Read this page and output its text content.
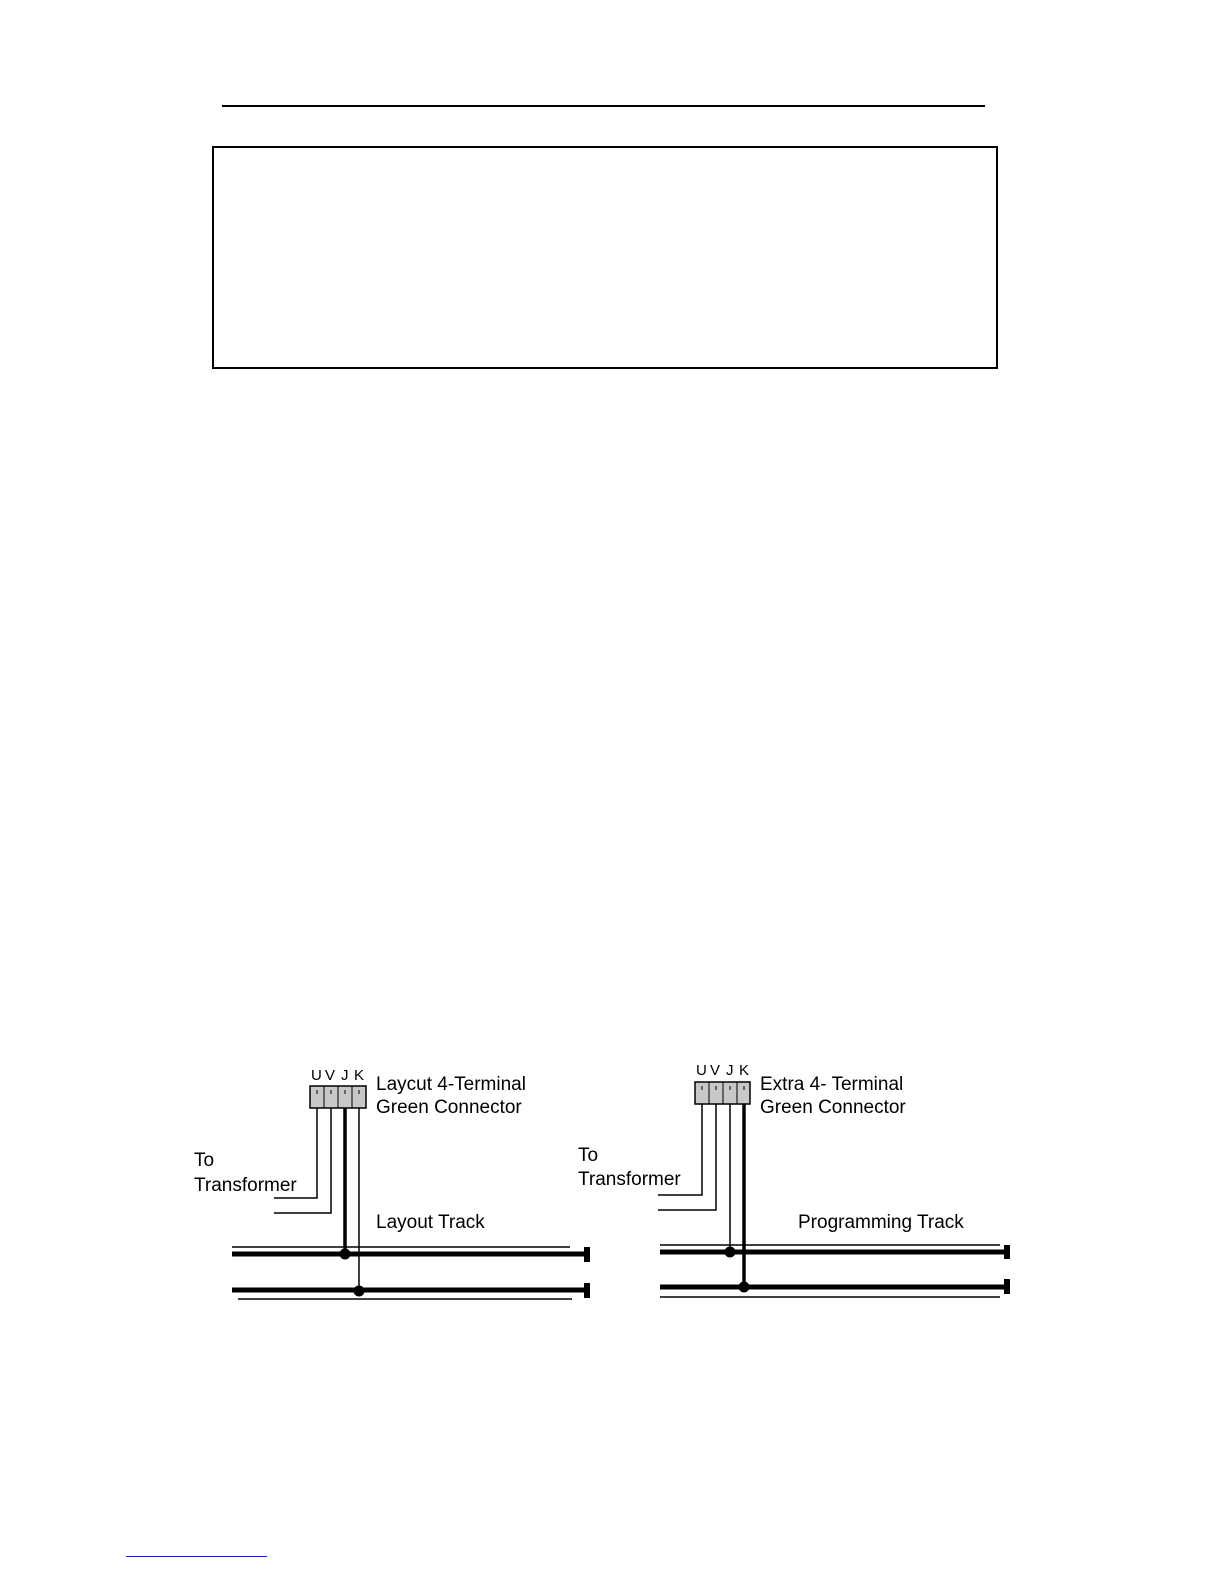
U V J K Laycut 4-Terminal
Green Connector
To
Transformer
Layout Track
U V J K
Extra 4- Terminal
Green Connector
To
Transformer
Programming Track
